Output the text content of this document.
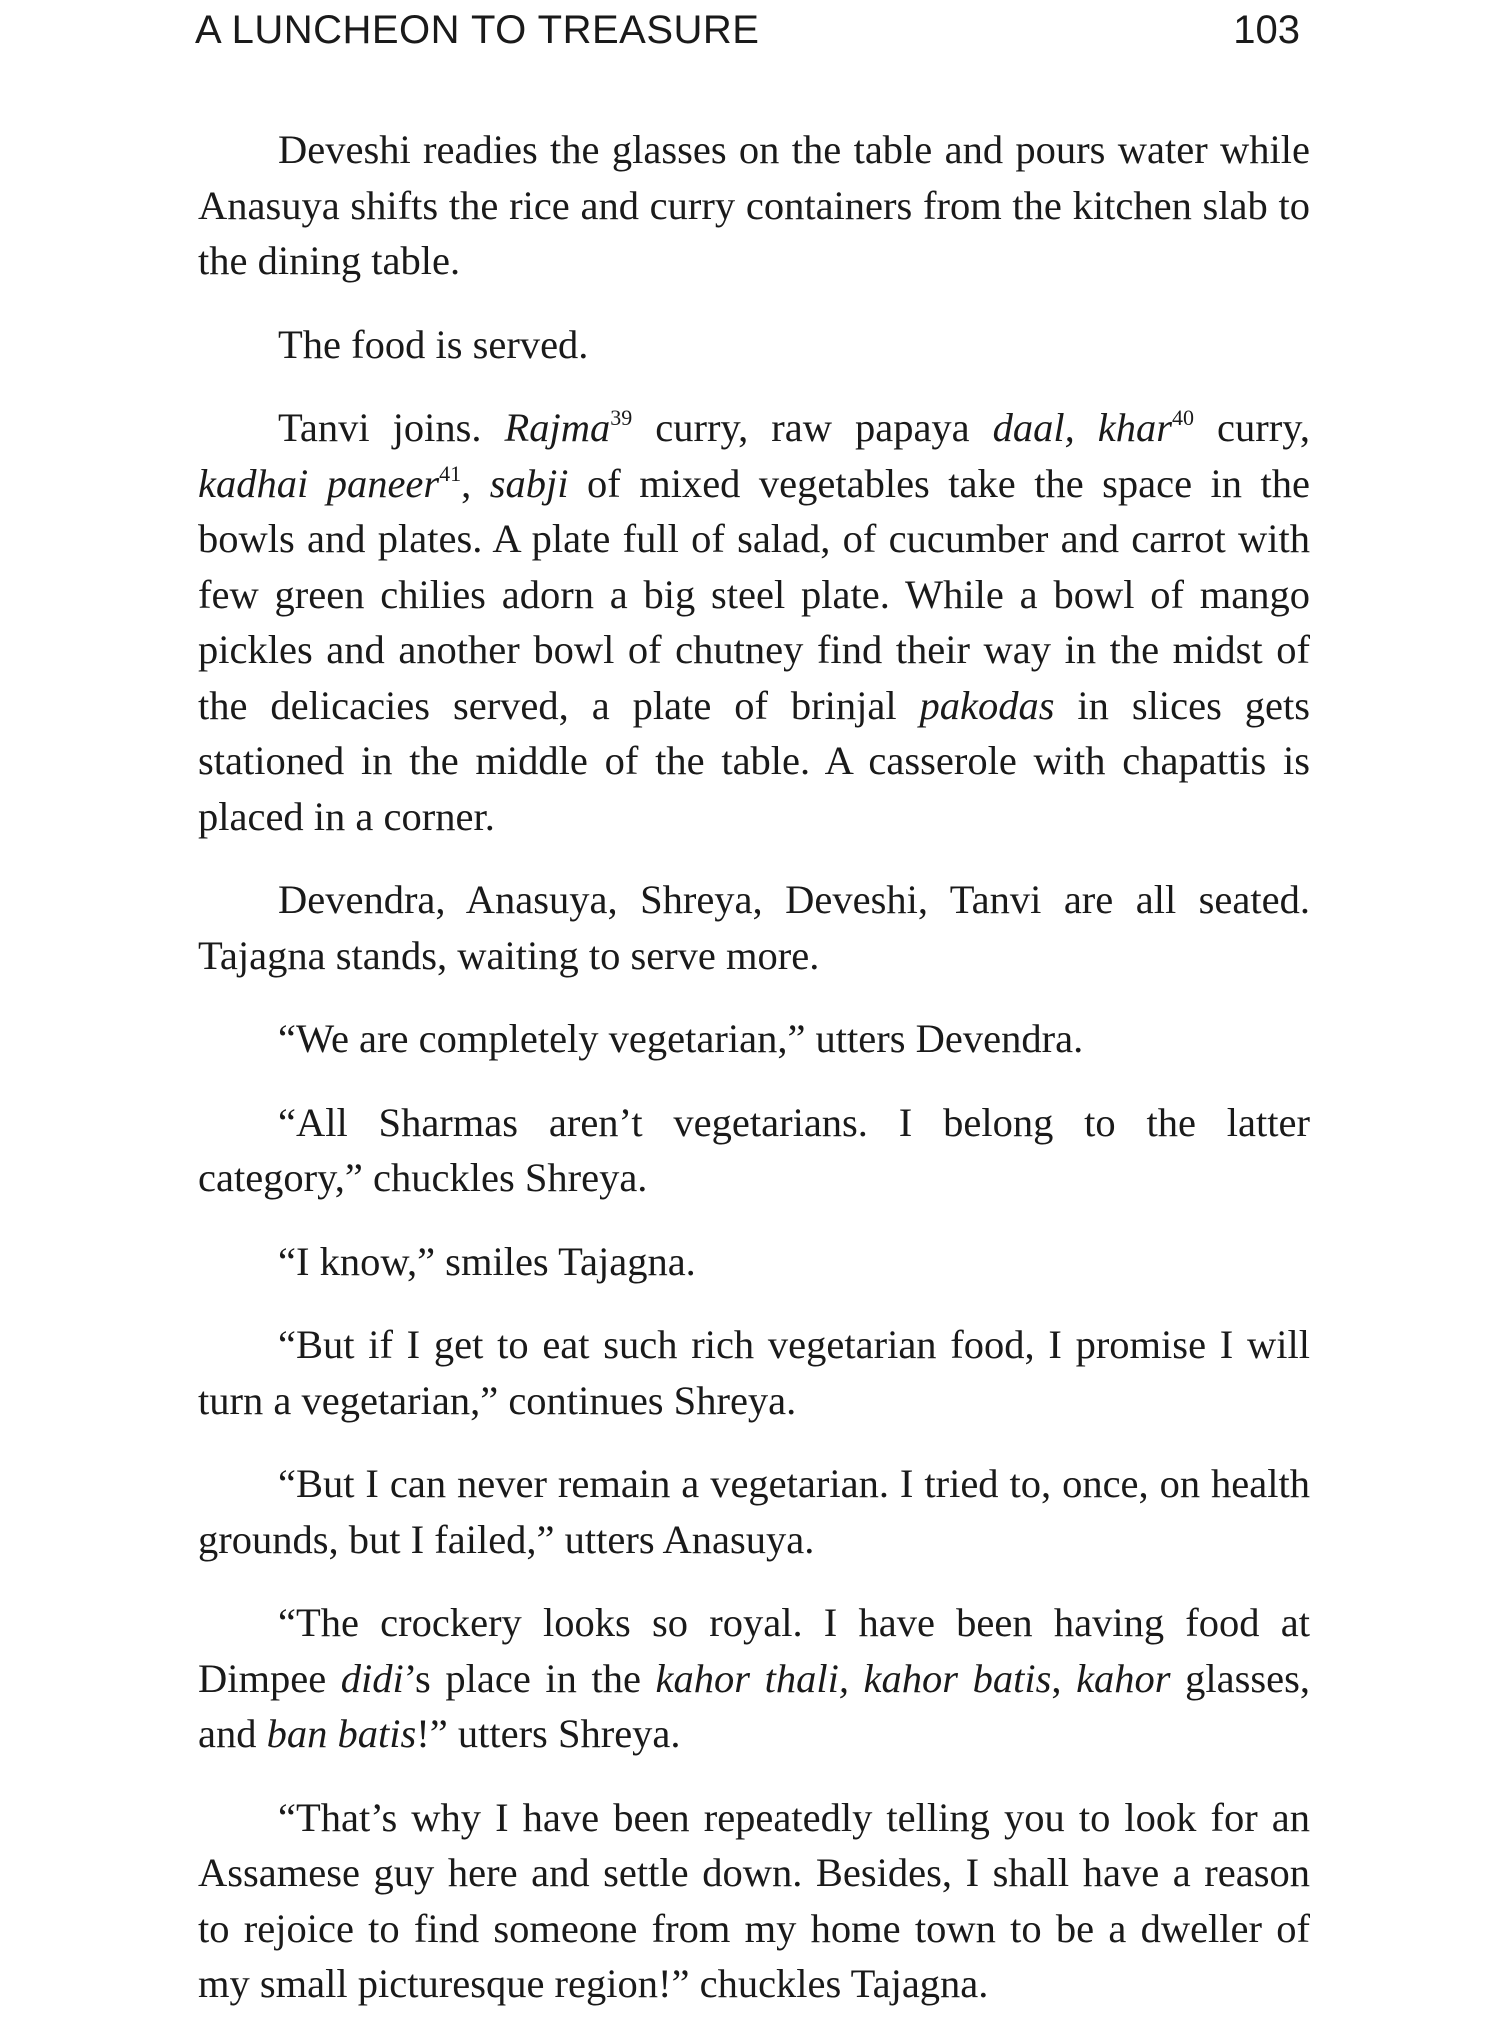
A LUNCHEON TO TREASURE	103

Deveshi readies the glasses on the table and pours water while Anasuya shifts the rice and curry containers from the kitchen slab to the dining table.

The food is served.

Tanvi joins. Rajma$^{39}$ curry, raw papaya daal, khar$^{40}$ curry, kadhai paneer$^{41}$, sabji of mixed vegetables take the space in the bowls and plates. A plate full of salad, of cucumber and carrot with few green chilies adorn a big steel plate. While a bowl of mango pickles and another bowl of chutney find their way in the midst of the delicacies served, a plate of brinjal pakodas in slices gets stationed in the middle of the table. A casserole with chapattis is placed in a corner.

Devendra, Anasuya, Shreya, Deveshi, Tanvi are all seated. Tajagna stands, waiting to serve more.

“We are completely vegetarian,” utters Devendra.

“All Sharmas aren’t vegetarians. I belong to the latter category,” chuckles Shreya.

“I know,” smiles Tajagna.

“But if I get to eat such rich vegetarian food, I promise I will turn a vegetarian,” continues Shreya.

“But I can never remain a vegetarian. I tried to, once, on health grounds, but I failed,” utters Anasuya.

“The crockery looks so royal. I have been having food at Dimpee didi’s place in the kahor thali, kahor batis, kahor glasses, and ban batis!” utters Shreya.

“That’s why I have been repeatedly telling you to look for an Assamese guy here and settle down. Besides, I shall have a reason to rejoice to find someone from my home town to be a dweller of my small picturesque region!” chuckles Tajagna.
